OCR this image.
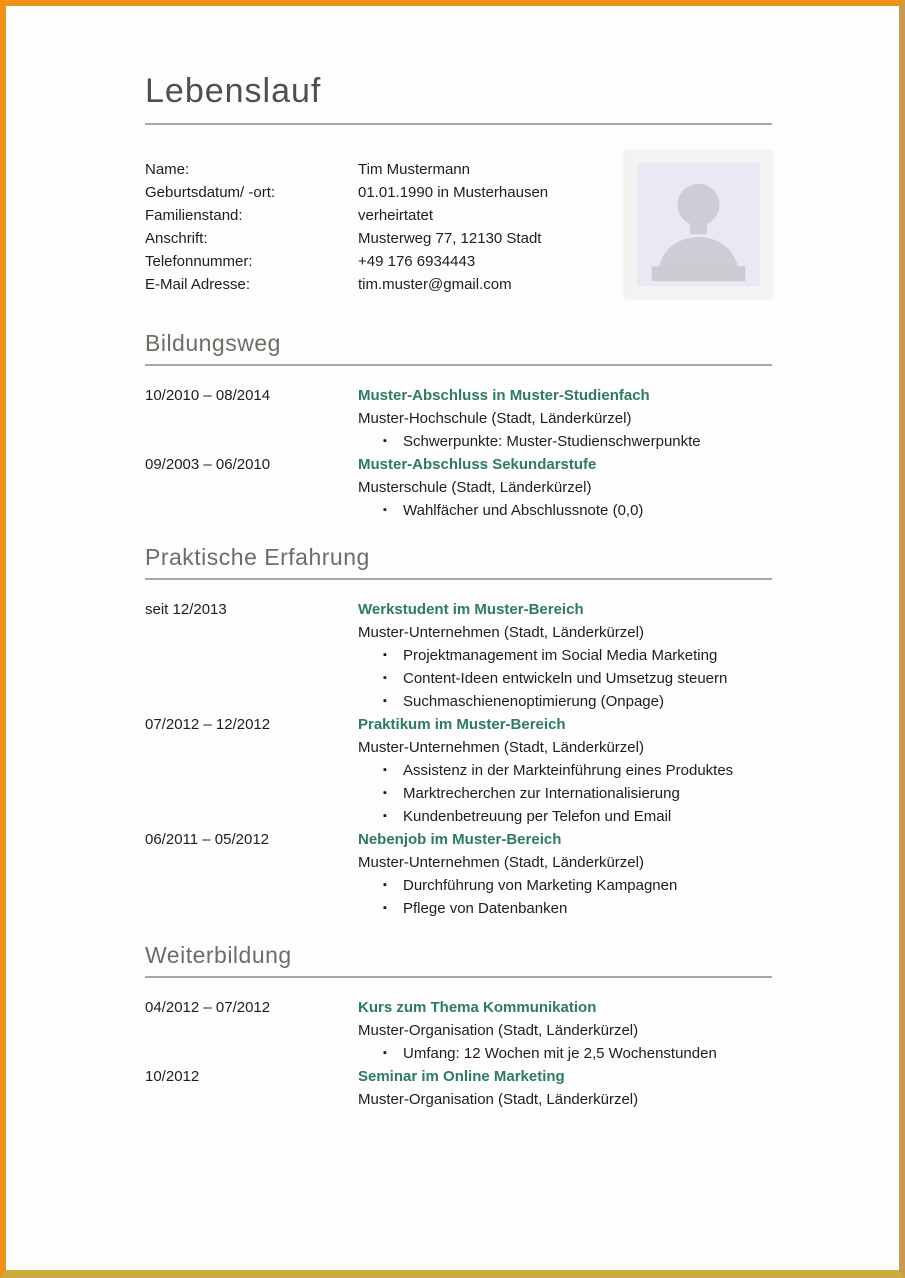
Lebenslauf
Name:	Tim Mustermann
Geburtsdatum/ -ort:	01.01.1990 in Musterhausen
Familienstand:	verheirtatet
Anschrift:	Musterweg 77, 12130 Stadt
Telefonnummer:	+49 176 6934443
E-Mail Adresse:	tim.muster@gmail.com
Bildungsweg
10/2010 – 08/2014	Muster-Abschluss in Muster-Studienfach
Muster-Hochschule (Stadt, Länderkürzel)
▪
Schwerpunkte: Muster-Studienschwerpunkte
09/2003 – 06/2010	Muster-Abschluss Sekundarstufe
Musterschule (Stadt, Länderkürzel)
▪
Wahlfächer und Abschlussnote (0,0)
Praktische Erfahrung
seit 12/2013	Werkstudent im Muster-Bereich
Muster-Unternehmen (Stadt, Länderkürzel)
▪
Projektmanagement im Social Media Marketing
▪
Content-Ideen entwickeln und Umsetzug steuern
▪
Suchmaschienenoptimierung (Onpage)
07/2012 – 12/2012	Praktikum im Muster-Bereich
Muster-Unternehmen (Stadt, Länderkürzel)
▪
Assistenz in der Markteinführung eines Produktes
▪
Marktrecherchen zur Internationalisierung
▪
Kundenbetreuung per Telefon und Email
06/2011 – 05/2012	Nebenjob im Muster-Bereich
Muster-Unternehmen (Stadt, Länderkürzel)
▪
Durchführung von Marketing Kampagnen
▪
Pflege von Datenbanken
Weiterbildung
04/2012 – 07/2012	Kurs zum Thema Kommunikation
Muster-Organisation (Stadt, Länderkürzel)
▪
Umfang: 12 Wochen mit je 2,5 Wochenstunden
10/2012	Seminar im Online Marketing
Muster-Organisation (Stadt, Länderkürzel)
